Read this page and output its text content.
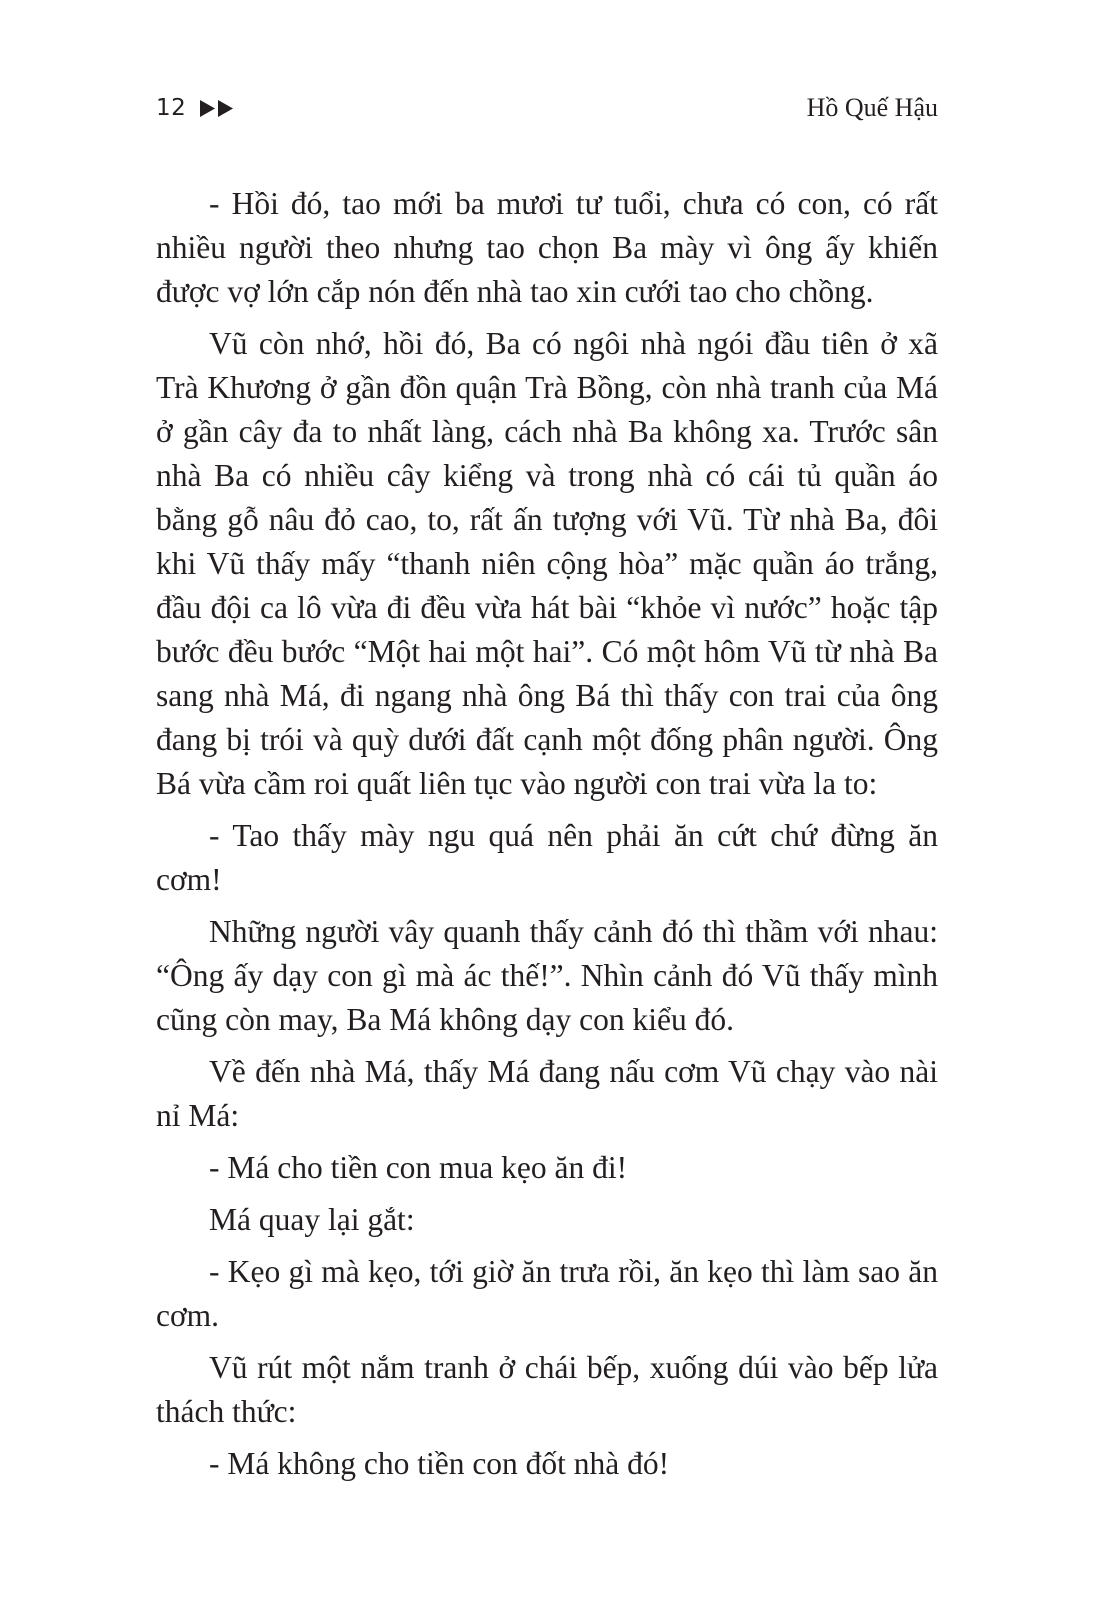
12	Hồ Quế Hậu

- Hồi đó, tao mới ba mươi tư tuổi, chưa có con, có rất nhiều người theo nhưng tao chọn Ba mày vì ông ấy khiến được vợ lớn cắp nón đến nhà tao xin cưới tao cho chồng.

Vũ còn nhớ, hồi đó, Ba có ngôi nhà ngói đầu tiên ở xã Trà Khương ở gần đồn quận Trà Bồng, còn nhà tranh của Má ở gần cây đa to nhất làng, cách nhà Ba không xa. Trước sân nhà Ba có nhiều cây kiểng và trong nhà có cái tủ quần áo bằng gỗ nâu đỏ cao, to, rất ấn tượng với Vũ. Từ nhà Ba, đôi khi Vũ thấy mấy “thanh niên cộng hòa” mặc quần áo trắng, đầu đội ca lô vừa đi đều vừa hát bài “khỏe vì nước” hoặc tập bước đều bước “Một hai một hai”. Có một hôm Vũ từ nhà Ba sang nhà Má, đi ngang nhà ông Bá thì thấy con trai của ông đang bị trói và quỳ dưới đất cạnh một đống phân người. Ông Bá vừa cầm roi quất liên tục vào người con trai vừa la to:

- Tao thấy mày ngu quá nên phải ăn cứt chứ đừng ăn cơm!

Những người vây quanh thấy cảnh đó thì thầm với nhau: “Ông ấy dạy con gì mà ác thế!”. Nhìn cảnh đó Vũ thấy mình cũng còn may, Ba Má không dạy con kiểu đó.

Về đến nhà Má, thấy Má đang nấu cơm Vũ chạy vào nài nỉ Má:

- Má cho tiền con mua kẹo ăn đi!

Má quay lại gắt:

- Kẹo gì mà kẹo, tới giờ ăn trưa rồi, ăn kẹo thì làm sao ăn cơm.

Vũ rút một nắm tranh ở chái bếp, xuống dúi vào bếp lửa thách thức:

- Má không cho tiền con đốt nhà đó!
